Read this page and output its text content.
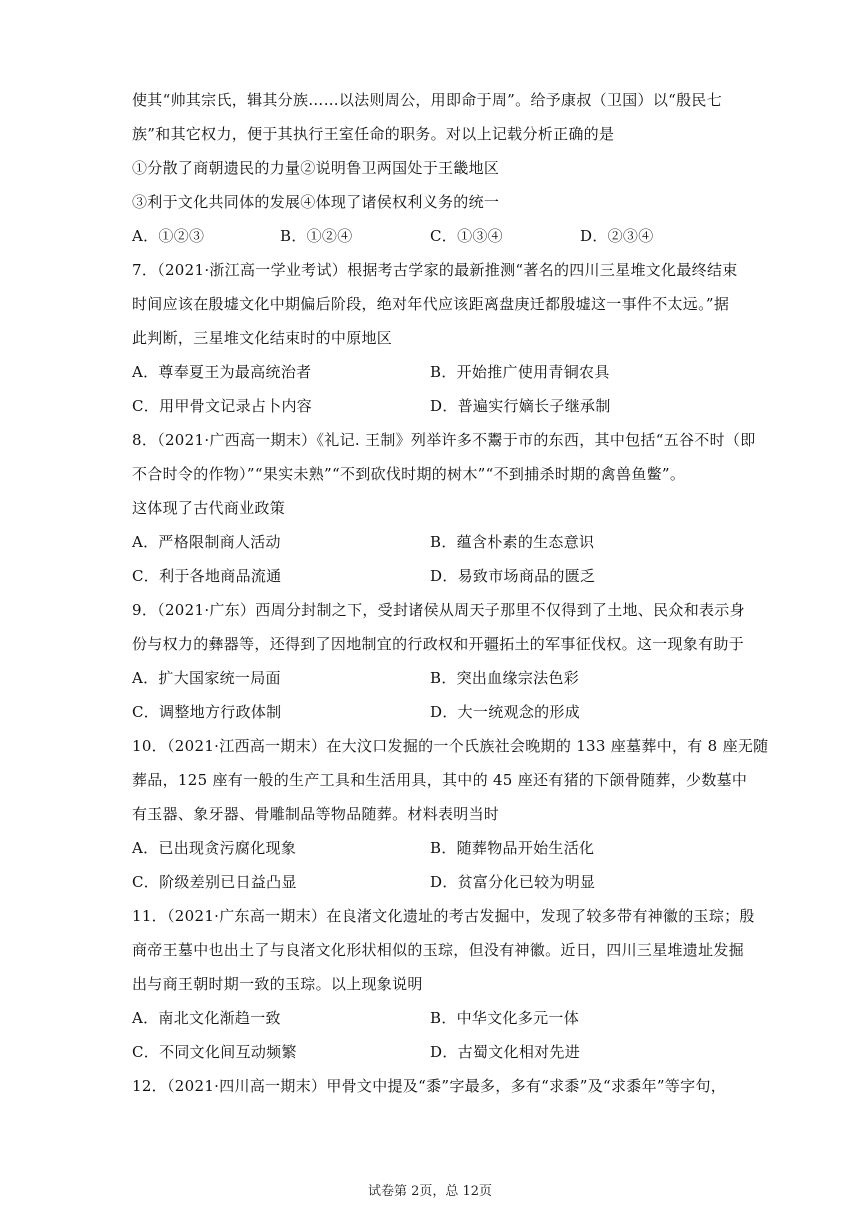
使其“帅其宗氏，辑其分族……以法则周公，用即命于周”。给予康叔（卫国）以“殷民七
族”和其它权力，便于其执行王室任命的职务。对以上记载分析正确的是
①分散了商朝遗民的力量②说明鲁卫两国处于王畿地区
③利于文化共同体的发展④体现了诸侯权利义务的统一
A．①②③	B．①②④	C．①③④	D．②③④
7．（2021·浙江高一学业考试）根据考古学家的最新推测“著名的四川三星堆文化最终结束
时间应该在殷墟文化中期偏后阶段，绝对年代应该距离盘庚迁都殷墟这一事件不太远。”据
此判断，三星堆文化结束时的中原地区
A．尊奉夏王为最高统治者	B．开始推广使用青铜农具
C．用甲骨文记录占卜内容	D．普遍实行嫡长子继承制
8．（2021·广西高一期末）《礼记. 王制》列举许多不鬻于市的东西，其中包括“五谷不时（即
不合时令的作物）”“果实未熟”“不到砍伐时期的树木”“不到捕杀时期的禽兽鱼鳖”。
这体现了古代商业政策
A．严格限制商人活动	B．蕴含朴素的生态意识
C．利于各地商品流通	D．易致市场商品的匮乏
9．（2021·广东）西周分封制之下，受封诸侯从周天子那里不仅得到了土地、民众和表示身
份与权力的彝器等，还得到了因地制宜的行政权和开疆拓土的军事征伐权。这一现象有助于
A．扩大国家统一局面	B．突出血缘宗法色彩
C．调整地方行政体制	D．大一统观念的形成
10．（2021·江西高一期末）在大汶口发掘的一个氏族社会晚期的 133 座墓葬中，有 8 座无随
葬品，125 座有一般的生产工具和生活用具，其中的 45 座还有猪的下颌骨随葬，少数墓中
有玉器、象牙器、骨雕制品等物品随葬。材料表明当时
A．已出现贪污腐化现象	B．随葬物品开始生活化
C．阶级差别已日益凸显	D．贫富分化已较为明显
11．（2021·广东高一期末）在良渚文化遗址的考古发掘中，发现了较多带有神徽的玉琮；殷
商帝王墓中也出土了与良渚文化形状相似的玉琮，但没有神徽。近日，四川三星堆遗址发掘
出与商王朝时期一致的玉琮。以上现象说明
A．南北文化渐趋一致	B．中华文化多元一体
C．不同文化间互动频繁	D．古蜀文化相对先进
12．（2021·四川高一期末）甲骨文中提及“黍”字最多，多有“求黍”及“求黍年”等字句，
试卷第 2页，总 12页
